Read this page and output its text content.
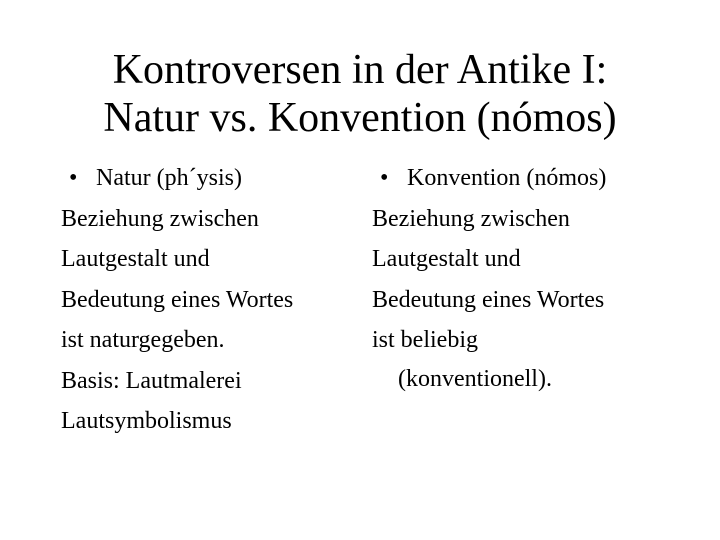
Kontroversen in der Antike I:
Natur vs. Konvention (nómos)
• Natur (ph´ysis)
Beziehung zwischen
Lautgestalt und
Bedeutung eines Wortes
ist naturgegeben.
Basis: Lautmalerei
Lautsymbolismus
• Konvention (nómos)
Beziehung zwischen
Lautgestalt und
Bedeutung eines Wortes
ist beliebig
(konventionell).
